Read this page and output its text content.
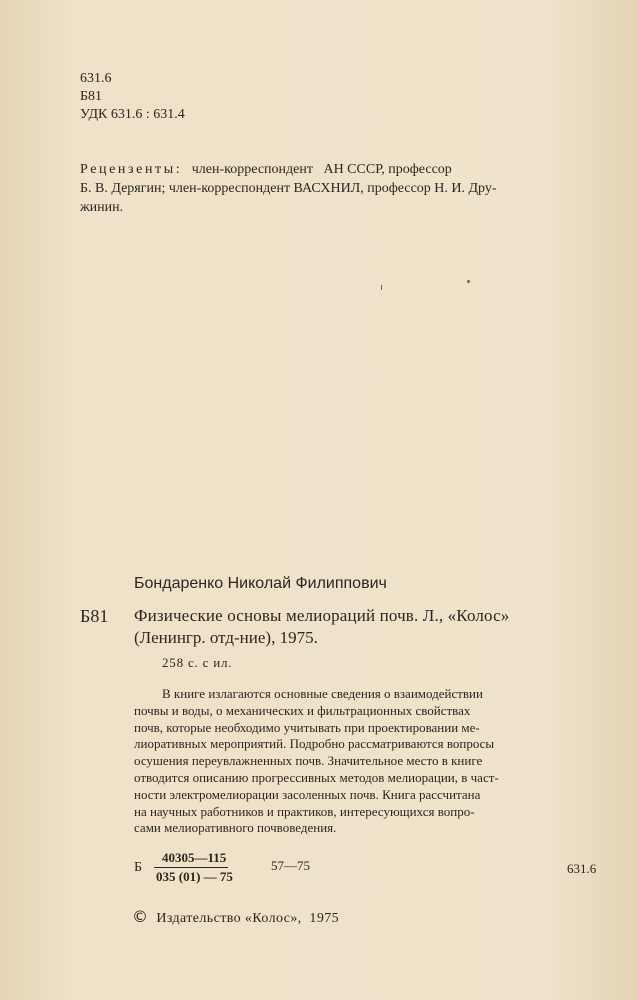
631.6
Б81
УДК 631.6 : 631.4
Рецензенты: член-корреспондент   АН СССР, профессор
Б. В. Дерягин; член-корреспондент ВАСХНИЛ, профессор Н. И. Дру-
жинин.
Бондаренко Николай Филиппович
Б81 Физические основы мелиораций почв. Л., «Колос»
(Ленингр. отд-ние), 1975.
258 с. с ил.
В книге излагаются основные сведения о взаимодействии
почвы и воды, о механических и фильтрационных свойствах
почв, которые необходимо учитывать при проектировании ме-
лиоративных мероприятий. Подробно рассматриваются вопросы
осушения переувлажненных почв. Значительное место в книге
отводится описанию прогрессивных методов мелиорации, в част-
ности электромелиорации засоленных почв. Книга рассчитана
на научных работников и практиков, интересующихся вопро-
сами мелиоративного почвоведения.
Б
40305—115
035 (01) — 75
57—75	631.6
© Издательство «Колос»,  1975
